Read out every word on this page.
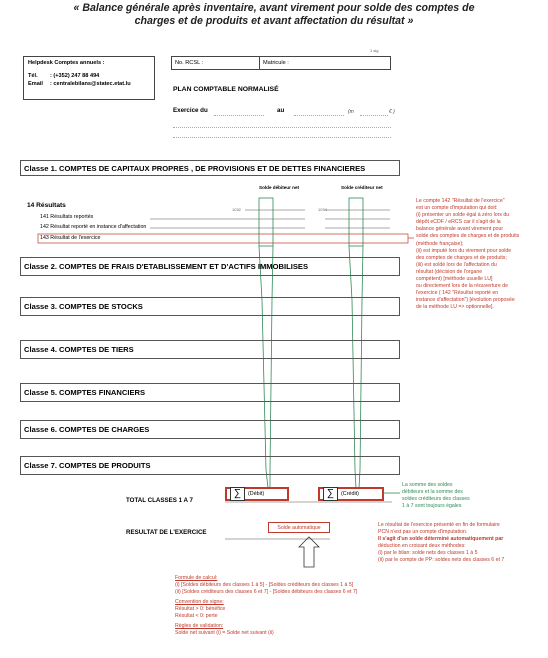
« Balance générale après inventaire, avant virement pour solde des comptes de
charges et de produits et avant affectation du résultat »
1 sig
Helpdesk Comptes annuels :
Tél.	: (+352) 247 88 494
Email	: centralebilans@statec.etat.lu
No. RCSL :	Matricule :
PLAN COMPTABLE NORMALISÉ
Exercice du	au	(m	€ )
Classe 1. COMPTES DE CAPITAUX PROPRES , DE PROVISIONS ET DE DETTES FINANCIERES
Solde débiteur net	Solde créditeur net
1032	1034
14 Résultats
141 Résultats reportés
142 Résultat reporté en instance d'affectation
143 Résultat de l'exercice
Le compte 142 "Résultat de l'exercice"
est un compte d'imputation qui doit:
(i) présenter un solde égal à zéro lors du
dépôt eCDF / eRCS car il s'agit de la
balance générale avant virement pour
solde des comptes de charges et de produits
(méthode française);
(ii) est imputé lors du virement pour solde
des comptes de charges et de produits;
(iii) est soldé lors de l'affectation du
résultat (décision de l'organe
compétent) [méthode usuelle LU]
ou directement lors de la réouverture de
l'exercice ( 142 "Résultat reporté en
instance d'affectation") [évolution proposée
de la méthode LU => optionnelle].
Classe 2. COMPTES DE FRAIS D'ETABLISSEMENT ET D'ACTIFS IMMOBILISES
Classe 3. COMPTES DE STOCKS
Classe 4. COMPTES DE TIERS
Classe 5. COMPTES FINANCIERS
Classe 6. COMPTES DE CHARGES
Classe 7. COMPTES DE PRODUITS
TOTAL CLASSES 1 A 7
∑	(Débit)	∑	(Crédit)
La somme des soldes
débiteurs et la somme des
soldes créditeurs des classes
1 à 7 sont toujours égales
RESULTAT DE L'EXERCICE
Solde automatique	Le résultat de l'exercice présenté en fin de formulaire
PCN n'est pas un compte d'imputation.
Il s'agit d'un solde déterminé automatiquement par
déduction en croisant deux méthodes:
(i) par le bilan: solde nets des classes 1 à 5
(ii) par le compte de PP: soldes nets des classes 6 et 7
Formule de calcul:
(i) [Soldes débiteurs des classes 1 à 5] - [Soldes créditeurs des classes 1 à 5]
(ii) [Soldes créditeurs des classes 6 et 7] - [Soldes débiteurs des classes 6 et 7]
Convention de signe:
Résultat > 0: bénéfice
Résultat < 0: perte
Règles de validation:
Solde net suivant (i) = Solde net suivant (ii)
